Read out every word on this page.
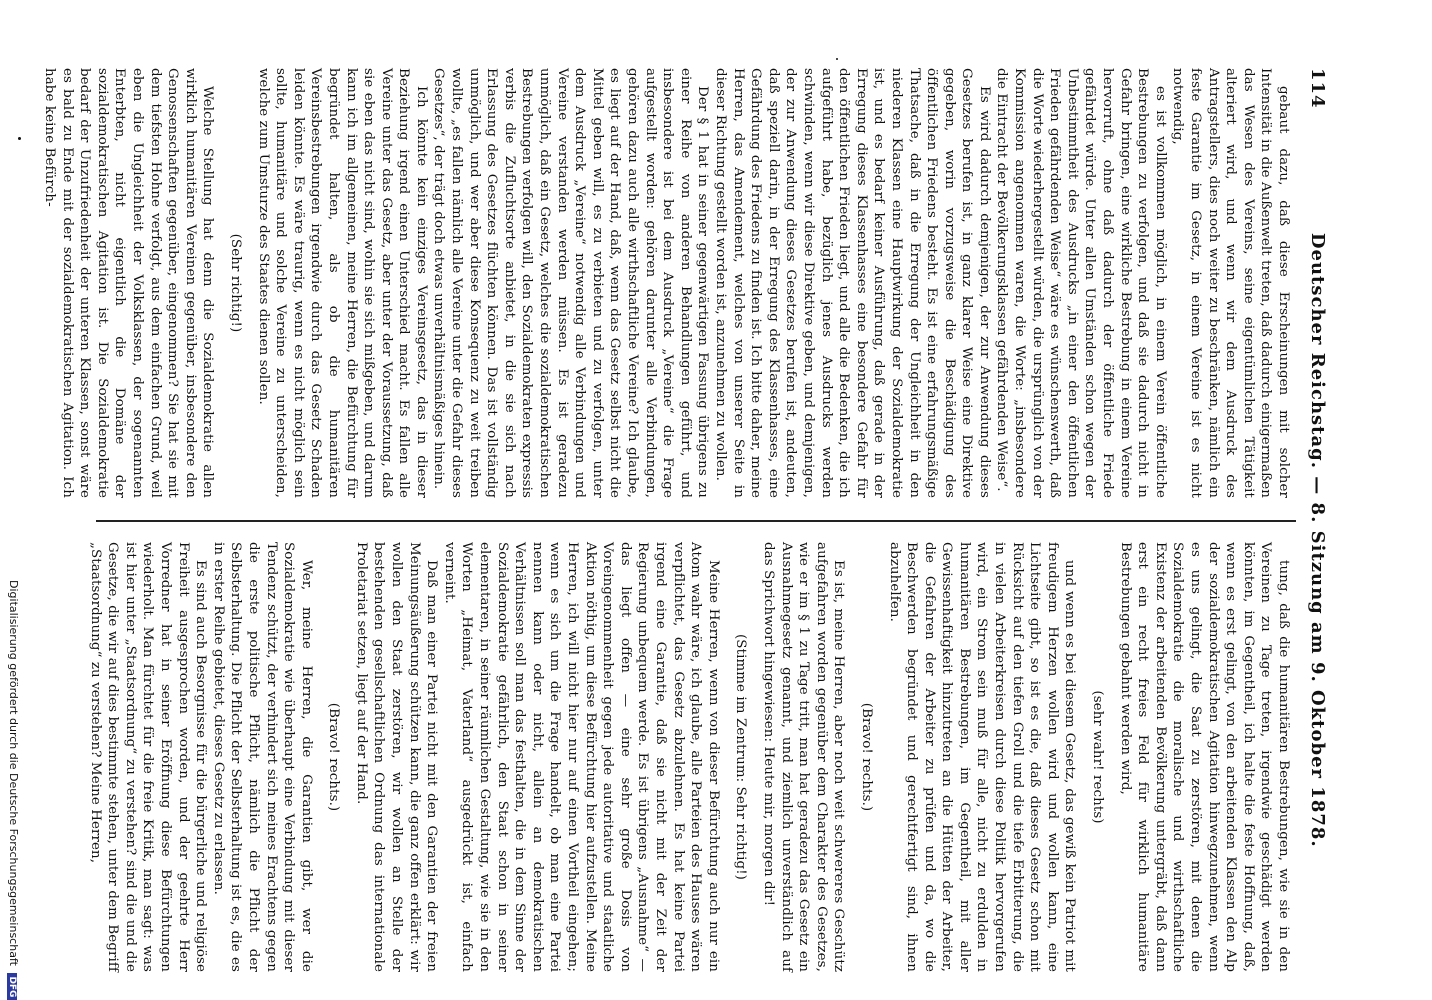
114
Deutscher Reichstag. — 8. Sitzung am 9. Oktober 1878.

gebaut dazu, daß diese Erscheinungen mit solcher Intensität in die Außenwelt treten, daß dadurch einigermaßen das Wesen des Vereins, seine eigentümlichen Tätigkeit alteriert wird, und wenn wir dem Ausdruck des Antragstellers, dies noch weiter zu beschränken, nämlich ein feste Garantie im Gesetz, in einem Vereine ist es nicht notwendig,

es ist vollkommen möglich, in einem Verein öffentliche Bestrebungen zu verfolgen, und daß sie dadurch nicht in Gefahr bringen, eine wirkliche Bestrebung in einem Vereine hervorruft, ohne daß dadurch der öffentliche Friede gefährdet würde. Unter allen Umständen schon wegen der Unbestimmtheit des Ausdrucks „in einer den öffentlichen Frieden gefährdenden Weise“ wäre es wünschenswerth, daß die Worte wiederhergestellt würden, die ursprünglich von der Kommission angenommen waren, die Worte: „insbesondere die Eintracht der Bevölkerungsklassen gefährdenden Weise“.

Es wird dadurch demjenigen, der zur Anwendung dieses Gesetzes berufen ist, in ganz klarer Weise eine Direktive gegeben, worin vorzugsweise die Beschädigung des öffentlichen Friedens besteht. Es ist eine erfahrungsmäßige Thatsache, daß in die Erregung der Ungleichheit in den niederen Klassen eine Hauptwirkung der Sozialdemokratie ist, und es bedarf keiner Ausführung, daß gerade in der Erregung dieses Klassenhasses eine besondere Gefahr für den öffentlichen Frieden liegt, und alle die Bedenken, die ich aufgeführt habe, bezüglich jenes Ausdrucks werden schwinden, wenn wir diese Direktive geben, und demjenigen, der zur Anwendung dieses Gesetzes berufen ist, andeuten, daß speziell darin, in der Erregung des Klassenhasses, eine Gefährdung des Friedens zu finden ist. Ich bitte daher, meine Herren, das Amendement, welches von unserer Seite in dieser Richtung gestellt worden ist, anzunehmen zu wollen.

Der § 1 hat in seiner gegenwärtigen Fassung übrigens zu einer Reihe von anderen Behandlungen geführt, und insbesondere ist bei dem Ausdruck „Vereine“ die Frage aufgestellt worden: gehören darunter alle Verbindungen, gehören dazu auch alle wirthschaftliche Vereine? Ich glaube, es liegt auf der Hand, daß, wenn das Gesetz selbst nicht die Mittel geben will, es zu verbieten und zu verfolgen, unter dem Ausdruck „Vereine“ notwendig alle Verbindungen und Vereine verstanden werden müssen. Es ist geradezu unmöglich, daß ein Gesetz, welches die sozialdemokratischen Bestrebungen verfolgen will, den Sozialdemokraten expressis verbis die Zufluchtsorte anbietet, in die sie sich nach Erlassung des Gesetzes flüchten können. Das ist vollständig unmöglich, und wer aber diese Konsequenz zu weit treiben wollte, „es fallen nämlich alle Vereine unter die Gefahr dieses Gesetzes“, der trägt doch etwas unverhältnismäßiges hinein.

Ich könnte kein einziges Vereinsgesetz, das in dieser Beziehung irgend einen Unterschied macht. Es fallen alle Vereine unter das Gesetz, aber unter der Voraussetzung, daß sie eben das nicht sind, wohin sie sich mißgeben, und darum kann ich im allgemeinen, meine Herren, die Befürchtung für begründet halten, als ob die humanitären Vereinsbestrebungen irgendwie durch das Gesetz Schaden leiden könnte. Es wäre traurig, wenn es nicht möglich sein sollte, humanitäre und solche Vereine zu unterscheiden, welche zum Umsturze des Staates dienen sollen.

(Sehr richtig!)

Welche Stellung hat denn die Sozialdemokratie allen wirklich humanitären Vereinen gegenüber, insbesondere den Genossenschaften gegenüber, eingenommen? Sie hat sie mit dem tiefsten Hohne verfolgt, aus dem einfachen Grund, weil eben die Ungleichheit der Volksklassen, der sogenannten Enterbten, nicht eigentlich die Domäne der sozialdemokratischen Agitation ist. Die Sozialdemokratie bedarf der Unzufriedenheit der unteren Klassen, sonst wäre es bald zu Ende mit der sozialdemokratischen Agitation. Ich habe keine Befürch-

tung, daß die humanitären Bestrebungen, wie sie in den Vereinen zu Tage treten, irgendwie geschädigt werden könnten, im Gegentheil, ich halte die feste Hoffnung, daß, wenn es erst gelingt, von den arbeitenden Klassen den Alp der sozialdemokratischen Agitation hinwegzunehmen, wenn es uns gelingt, die Saat zu zerstören, mit denen die Sozialdemokratie die moralische und wirthschaftliche Existenz der arbeitenden Bevölkerung untergräbt, daß dann erst ein recht freies Feld für wirklich humanitäre Bestrebungen gebahnt werden wird,

(sehr wahr! rechts)

und wenn es bei diesem Gesetz, das gewiß kein Patriot mit freudigem Herzen wollen wird und wollen kann, eine Lichtseite gibt, so ist es die, daß dieses Gesetz schon mit Rücksicht auf den tiefen Groll und die tiefe Erbitterung, die in vielen Arbeiterkreisen durch diese Politik hervorgerufen wird, ein Strom sein muß für alle, nicht zu erdulden in humanitären Bestrebungen, im Gegentheil, mit aller Gewissenhaftigkeit hinzutreten an die Hütten der Arbeiter, die Gefahren der Arbeiter zu prüfen und da, wo die Beschwerden begründet und gerechtfertigt sind, ihnen abzuhelfen.

(Bravo! rechts.)

Es ist, meine Herren, aber noch weit schwereres Geschütz aufgefahren worden gegenüber dem Charakter des Gesetzes, wie er im § 1 zu Tage tritt, man hat geradezu das Gesetz ein Ausnahmegesetz genannt, und ziemlich unverständlich auf das Sprichwort hingewiesen: Heute mir, morgen dir!

(Stimme im Zentrum: Sehr richtig!)

Meine Herren, wenn von dieser Befürchtung auch nur ein Atom wahr wäre, ich glaube, alle Parteien des Hauses wären verpflichtet, das Gesetz abzulehnen. Es hat keine Partei irgend eine Garantie, daß sie nicht mit der Zeit der Regierung unbequem werde. Es ist übrigens „Ausnahme“ — das liegt offen — eine sehr große Dosis von Voreingenommenheit gegen jede autoritative und staatliche Aktion nöthig, um diese Befürchtung hier aufzustellen. Meine Herren, ich will nicht hier nur auf einen Vortheil eingehen; wenn es sich um die Frage handelt, ob man eine Partei nennen kann oder nicht, allein an demokratischen Verhältnissen soll man das festhalten, die in dem Sinne der Sozialdemokratie gefährlich, den Staat schon in seiner elementaren, in seiner räumlichen Gestaltung, wie sie in den Worten „Heimat, Vaterland“ ausgedrückt ist, einfach verneint.

Daß man einer Partei nicht mit den Garantien der freien Meinungsäußerung schützen kann, die ganz offen erklärt: wir wollen den Staat zerstören, wir wollen an Stelle der bestehenden gesellschaftlichen Ordnung das internationale Proletariat setzen, liegt auf der Hand.

(Bravo! rechts.)

Wer, meine Herren, die Garantien gibt, wer die Sozialdemokratie wie überhaupt eine Verbindung mit dieser Tendenz schützt, der verhindert sich meines Erachtens gegen die erste politische Pflicht, nämlich die Pflicht der Selbsterhaltung. Die Pflicht der Selbsterhaltung ist es, die es in erster Reihe gebietet, dieses Gesetz zu erlassen.

Es sind auch Besorgnisse für die bürgerliche und religiöse Freiheit ausgesprochen worden, und der geehrte Herr Vorredner hat in seiner Eröffnung diese Befürchtungen wiederholt. Man fürchtet für die freie Kritik, man sagt: was ist hier unter „Staatsordnung“ zu verstehen? sind die und die Gesetze, die wir auf dies bestimmte stehen, unter dem Begriff „Staatsordnung“ zu verstehen? Meine Herren,

Digitalisierung gefördert durch die Deutsche Forschungsgemeinschaft DFG
